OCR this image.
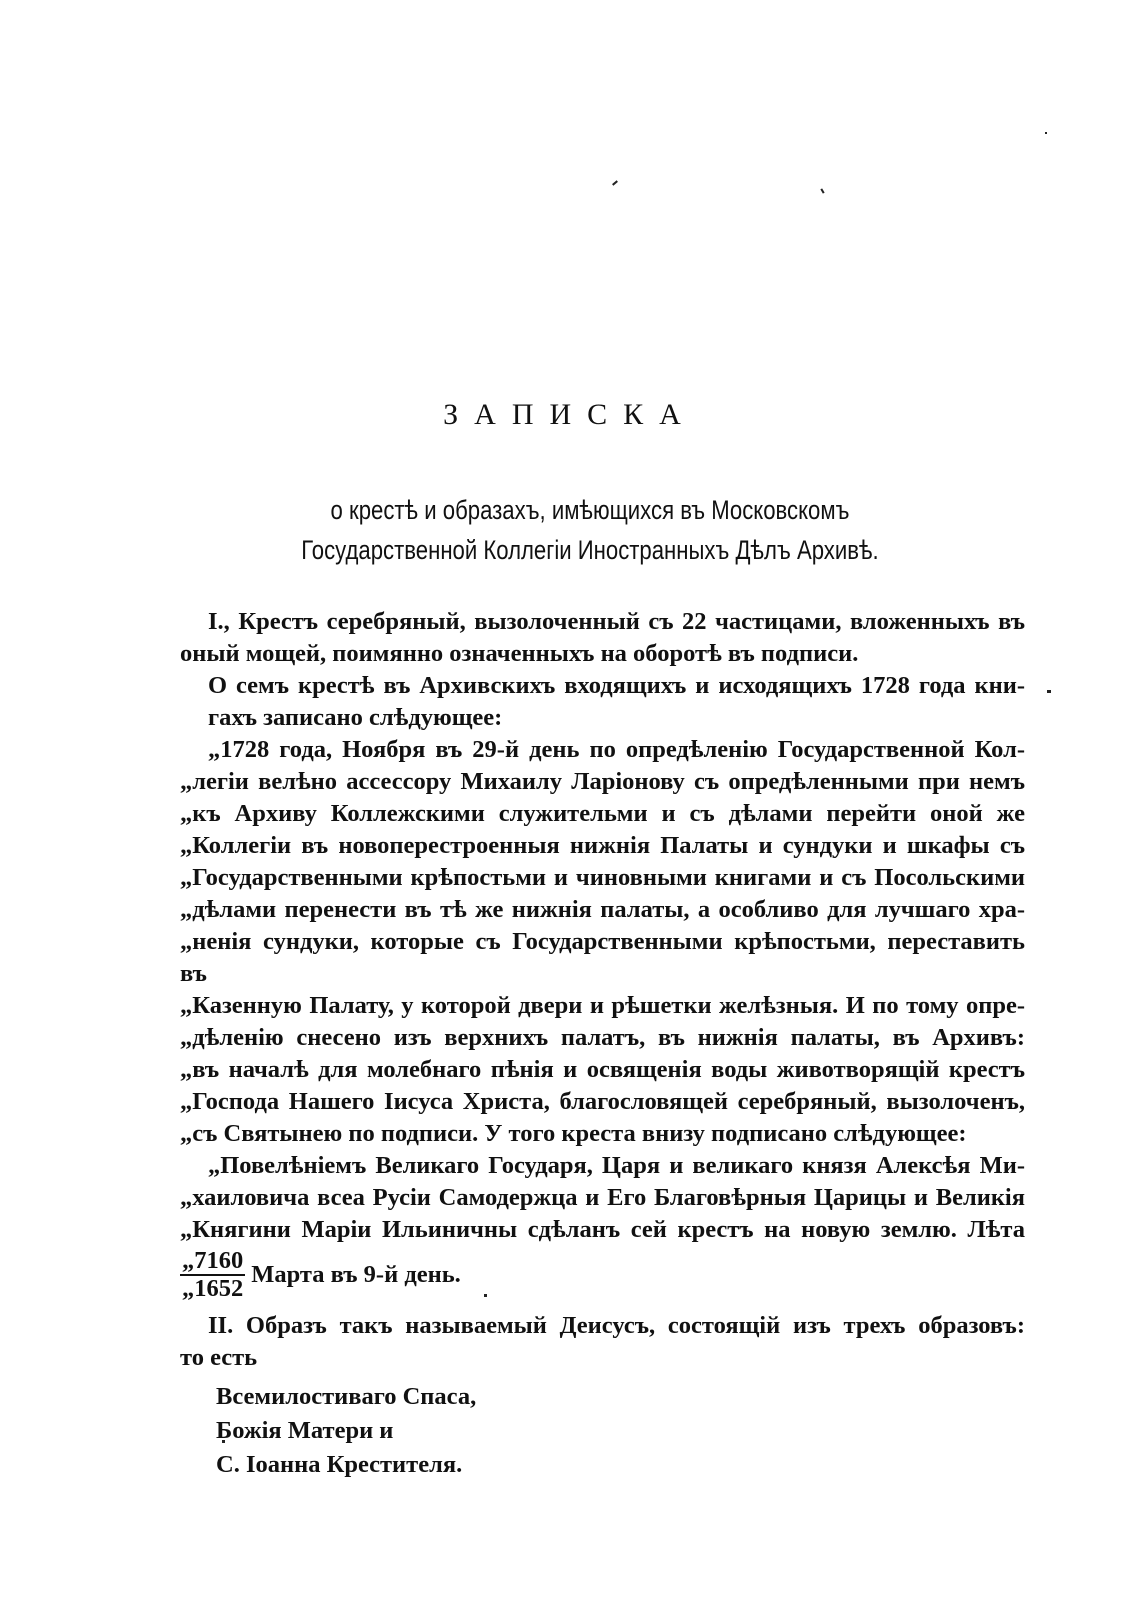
ЗАПИСКА
о крестѣ и образахъ, имѣющихся въ Московскомъ Государственной Коллегіи Иностранныхъ Дѣлъ Архивѣ.

I., Крестъ серебряный, вызолоченный съ 22 частицами, вложенныхъ въ
оный мощей, поимянно означенныхъ на оборотѣ въ подписи.

О семъ крестѣ въ Архивскихъ входящихъ и исходящихъ 1728 года кни-
гахъ записано слѣдующее:

„1728 года, Ноября въ 29-й день по опредѣленію Государственной Кол-
„легіи велѣно ассессору Михаилу Ларіонову съ опредѣленными при немъ
„къ Архиву Коллежскими служительми и съ дѣлами перейти оной же
„Коллегіи въ новоперестроенныя нижнія Палаты и сундуки и шкафы съ
„Государственными крѣпостьми и чиновными книгами и съ Посольскими
„дѣлами перенести въ тѣ же нижнія палаты, а особливо для лучшаго хра-
„ненія сундуки, которые съ Государственными крѣпостьми, переставить въ
„Казенную Палату, у которой двери и рѣшетки желѣзныя. И по тому опре-
„дѣленію снесено изъ верхнихъ палатъ, въ нижнія палаты, въ Архивъ:
„въ началѣ для молебнаго пѣнія и освященія воды животворящій крестъ
„Господа Нашего Іисуса Христа, благословящей серебряный, вызолоченъ,
„съ Святынею по подписи. У того креста внизу подписано слѣдующее:
„Повелѣніемъ Великаго Государя, Царя и великаго князя Алексѣя Ми-
„хаиловича всеа Русіи Самодержца и Его Благовѣрныя Царицы и Великія
„Княгини Маріи Ильиничны сдѣланъ сей крестъ на новую землю. Лѣта
$\frac{„7160}{„1652}$ Марта въ 9-й день.
II. Образъ такъ называемый Деисусъ, состоящій изъ трехъ образовъ:
то есть
Всемилостиваго Спаса,
Божія Матери и
С. Іоанна Крестителя.
